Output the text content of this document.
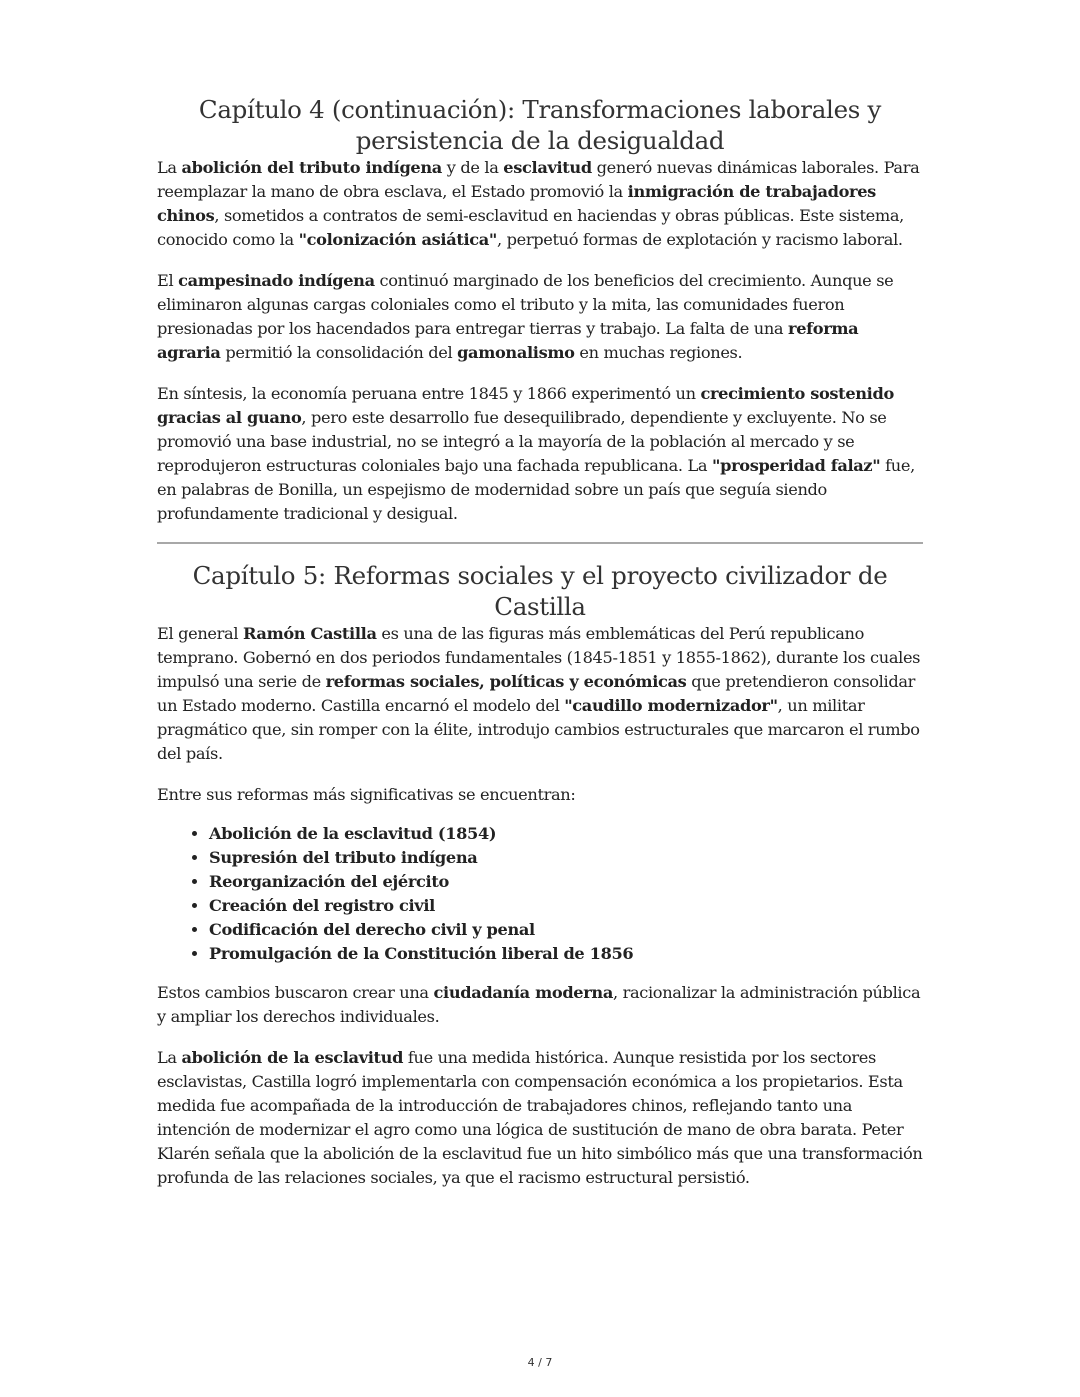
Capítulo 4 (continuación): Transformaciones laborales y
persistencia de la desigualdad

La abolición del tributo indígena y de la esclavitud generó nuevas dinámicas laborales. Para reemplazar la mano de obra esclava, el Estado promovió la inmigración de trabajadores chinos, sometidos a contratos de semi-esclavitud en haciendas y obras públicas. Este sistema, conocido como la "colonización asiática", perpetuó formas de explotación y racismo laboral.

El campesinado indígena continuó marginado de los beneficios del crecimiento. Aunque se eliminaron algunas cargas coloniales como el tributo y la mita, las comunidades fueron presionadas por los hacendados para entregar tierras y trabajo. La falta de una reforma agraria permitió la consolidación del gamonalismo en muchas regiones.

En síntesis, la economía peruana entre 1845 y 1866 experimentó un crecimiento sostenido gracias al guano, pero este desarrollo fue desequilibrado, dependiente y excluyente. No se promovió una base industrial, no se integró a la mayoría de la población al mercado y se reprodujeron estructuras coloniales bajo una fachada republicana. La "prosperidad falaz" fue, en palabras de Bonilla, un espejismo de modernidad sobre un país que seguía siendo profundamente tradicional y desigual.

Capítulo 5: Reformas sociales y el proyecto civilizador de
Castilla

El general Ramón Castilla es una de las figuras más emblemáticas del Perú republicano temprano. Gobernó en dos periodos fundamentales (1845-1851 y 1855-1862), durante los cuales impulsó una serie de reformas sociales, políticas y económicas que pretendieron consolidar un Estado moderno. Castilla encarnó el modelo del "caudillo modernizador", un militar pragmático que, sin romper con la élite, introdujo cambios estructurales que marcaron el rumbo del país.

Entre sus reformas más significativas se encuentran:

• Abolición de la esclavitud (1854)
• Supresión del tributo indígena
• Reorganización del ejército
• Creación del registro civil
• Codificación del derecho civil y penal
• Promulgación de la Constitución liberal de 1856

Estos cambios buscaron crear una ciudadanía moderna, racionalizar la administración pública y ampliar los derechos individuales.

La abolición de la esclavitud fue una medida histórica. Aunque resistida por los sectores esclavistas, Castilla logró implementarla con compensación económica a los propietarios. Esta medida fue acompañada de la introducción de trabajadores chinos, reflejando tanto una intención de modernizar el agro como una lógica de sustitución de mano de obra barata. Peter Klarén señala que la abolición de la esclavitud fue un hito simbólico más que una transformación profunda de las relaciones sociales, ya que el racismo estructural persistió.

4 / 7
